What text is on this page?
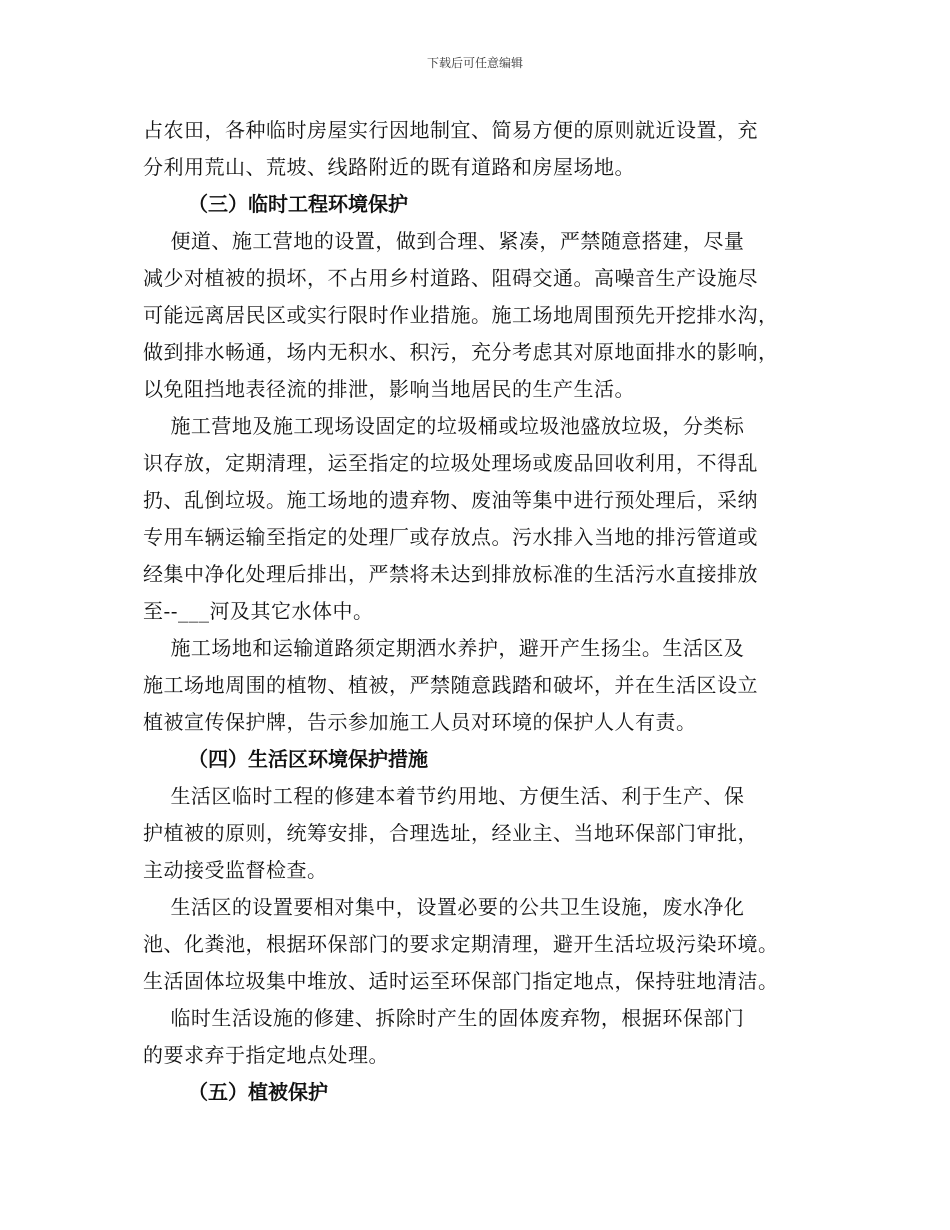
下载后可任意编辑
占农田，各种临时房屋实行因地制宜、简易方便的原则就近设置，充
分利用荒山、荒坡、线路附近的既有道路和房屋场地。
（三）临时工程环境保护
便道、施工营地的设置，做到合理、紧凑，严禁随意搭建，尽量
减少对植被的损坏，不占用乡村道路、阻碍交通。高噪音生产设施尽
可能远离居民区或实行限时作业措施。施工场地周围预先开挖排水沟，
做到排水畅通，场内无积水、积污，充分考虑其对原地面排水的影响，
以免阻挡地表径流的排泄，影响当地居民的生产生活。
施工营地及施工现场设固定的垃圾桶或垃圾池盛放垃圾，分类标
识存放，定期清理，运至指定的垃圾处理场或废品回收利用，不得乱
扔、乱倒垃圾。施工场地的遗弃物、废油等集中进行预处理后，采纳
专用车辆运输至指定的处理厂或存放点。污水排入当地的排污管道或
经集中净化处理后排出，严禁将未达到排放标准的生活污水直接排放
至--___河及其它水体中。
施工场地和运输道路须定期洒水养护，避开产生扬尘。生活区及
施工场地周围的植物、植被，严禁随意践踏和破坏，并在生活区设立
植被宣传保护牌，告示参加施工人员对环境的保护人人有责。
（四）生活区环境保护措施
生活区临时工程的修建本着节约用地、方便生活、利于生产、保
护植被的原则，统筹安排，合理选址，经业主、当地环保部门审批，
主动接受监督检查。
生活区的设置要相对集中，设置必要的公共卫生设施，废水净化
池、化粪池，根据环保部门的要求定期清理，避开生活垃圾污染环境。
生活固体垃圾集中堆放、适时运至环保部门指定地点，保持驻地清洁。
临时生活设施的修建、拆除时产生的固体废弃物，根据环保部门
的要求弃于指定地点处理。
（五）植被保护
